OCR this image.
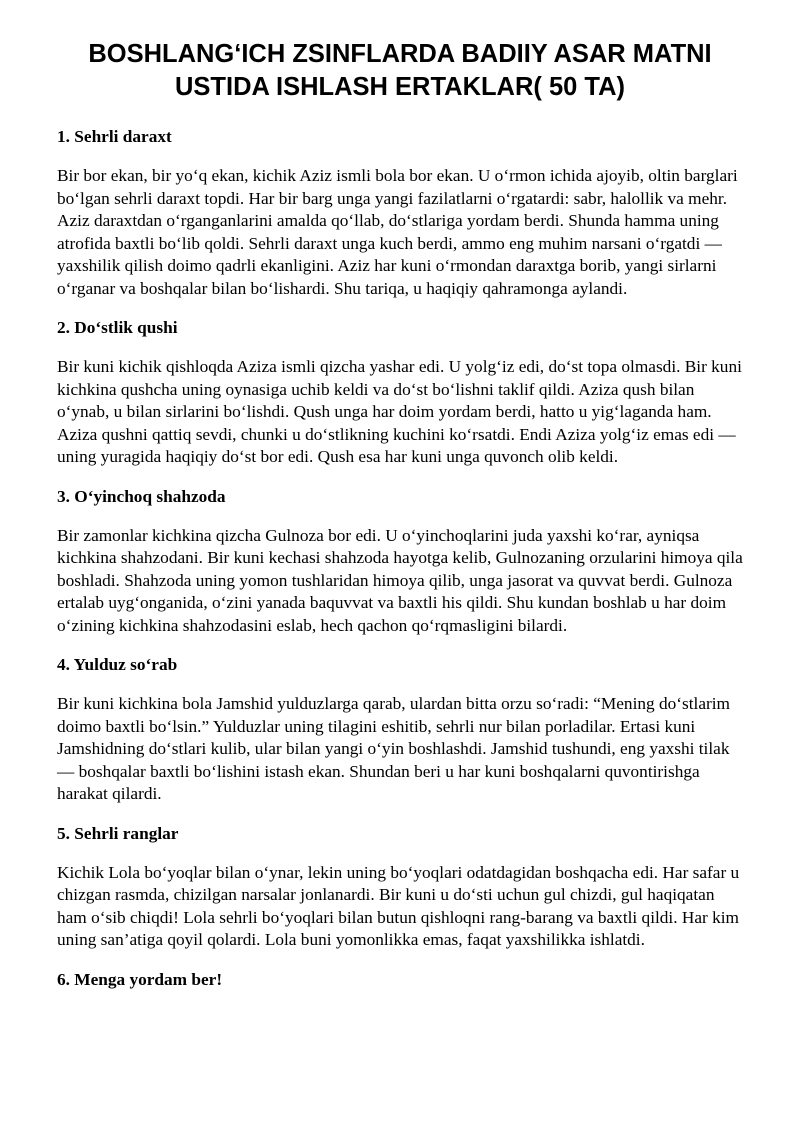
BOSHLANG‘ICH ZSINFLARDA BADIIY ASAR MATNI
USTIDA ISHLASH ERTAKLAR( 50 TA)
1. Sehrli daraxt

Bir bor ekan, bir yo‘q ekan, kichik Aziz ismli bola bor ekan. U o‘rmon ichida ajoyib, oltin barglari bo‘lgan sehrli daraxt topdi. Har bir barg unga yangi fazilatlarni o‘rgatardi: sabr, halollik va mehr. Aziz daraxtdan o‘rganganlarini amalda qo‘llab, do‘stlariga yordam berdi. Shunda hamma uning atrofida baxtli bo‘lib qoldi. Sehrli daraxt unga kuch berdi, ammo eng muhim narsani o‘rgatdi — yaxshilik qilish doimo qadrli ekanligini. Aziz har kuni o‘rmondan daraxtga borib, yangi sirlarni o‘rganar va boshqalar bilan bo‘lishardi. Shu tariqa, u haqiqiy qahramonga aylandi.

2. Do‘stlik qushi

Bir kuni kichik qishloqda Aziza ismli qizcha yashar edi. U yolg‘iz edi, do‘st topa olmasdi. Bir kuni kichkina qushcha uning oynasiga uchib keldi va do‘st bo‘lishni taklif qildi. Aziza qush bilan o‘ynab, u bilan sirlarini bo‘lishdi. Qush unga har doim yordam berdi, hatto u yig‘laganda ham. Aziza qushni qattiq sevdi, chunki u do‘stlikning kuchini ko‘rsatdi. Endi Aziza yolg‘iz emas edi — uning yuragida haqiqiy do‘st bor edi. Qush esa har kuni unga quvonch olib keldi.

3. O‘yinchoq shahzoda

Bir zamonlar kichkina qizcha Gulnoza bor edi. U o‘yinchoqlarini juda yaxshi ko‘rar, ayniqsa kichkina shahzodani. Bir kuni kechasi shahzoda hayotga kelib, Gulnozaning orzularini himoya qila boshladi. Shahzoda uning yomon tushlaridan himoya qilib, unga jasorat va quvvat berdi. Gulnoza ertalab uyg‘onganida, o‘zini yanada baquvvat va baxtli his qildi. Shu kundan boshlab u har doim o‘zining kichkina shahzodasini eslab, hech qachon qo‘rqmasligini bilardi.

4. Yulduz so‘rab

Bir kuni kichkina bola Jamshid yulduzlarga qarab, ulardan bitta orzu so‘radi: “Mening do‘stlarim doimo baxtli bo‘lsin.” Yulduzlar uning tilagini eshitib, sehrli nur bilan porladilar. Ertasi kuni Jamshidning do‘stlari kulib, ular bilan yangi o‘yin boshlashdi. Jamshid tushundi, eng yaxshi tilak — boshqalar baxtli bo‘lishini istash ekan. Shundan beri u har kuni boshqalarni quvontirishga harakat qilardi.

5. Sehrli ranglar

Kichik Lola bo‘yoqlar bilan o‘ynar, lekin uning bo‘yoqlari odatdagidan boshqacha edi. Har safar u chizgan rasmda, chizilgan narsalar jonlanardi. Bir kuni u do‘sti uchun gul chizdi, gul haqiqatan ham o‘sib chiqdi! Lola sehrli bo‘yoqlari bilan butun qishloqni rang-barang va baxtli qildi. Har kim uning san’atiga qoyil qolardi. Lola buni yomonlikka emas, faqat yaxshilikka ishlatdi.

6. Menga yordam ber!
